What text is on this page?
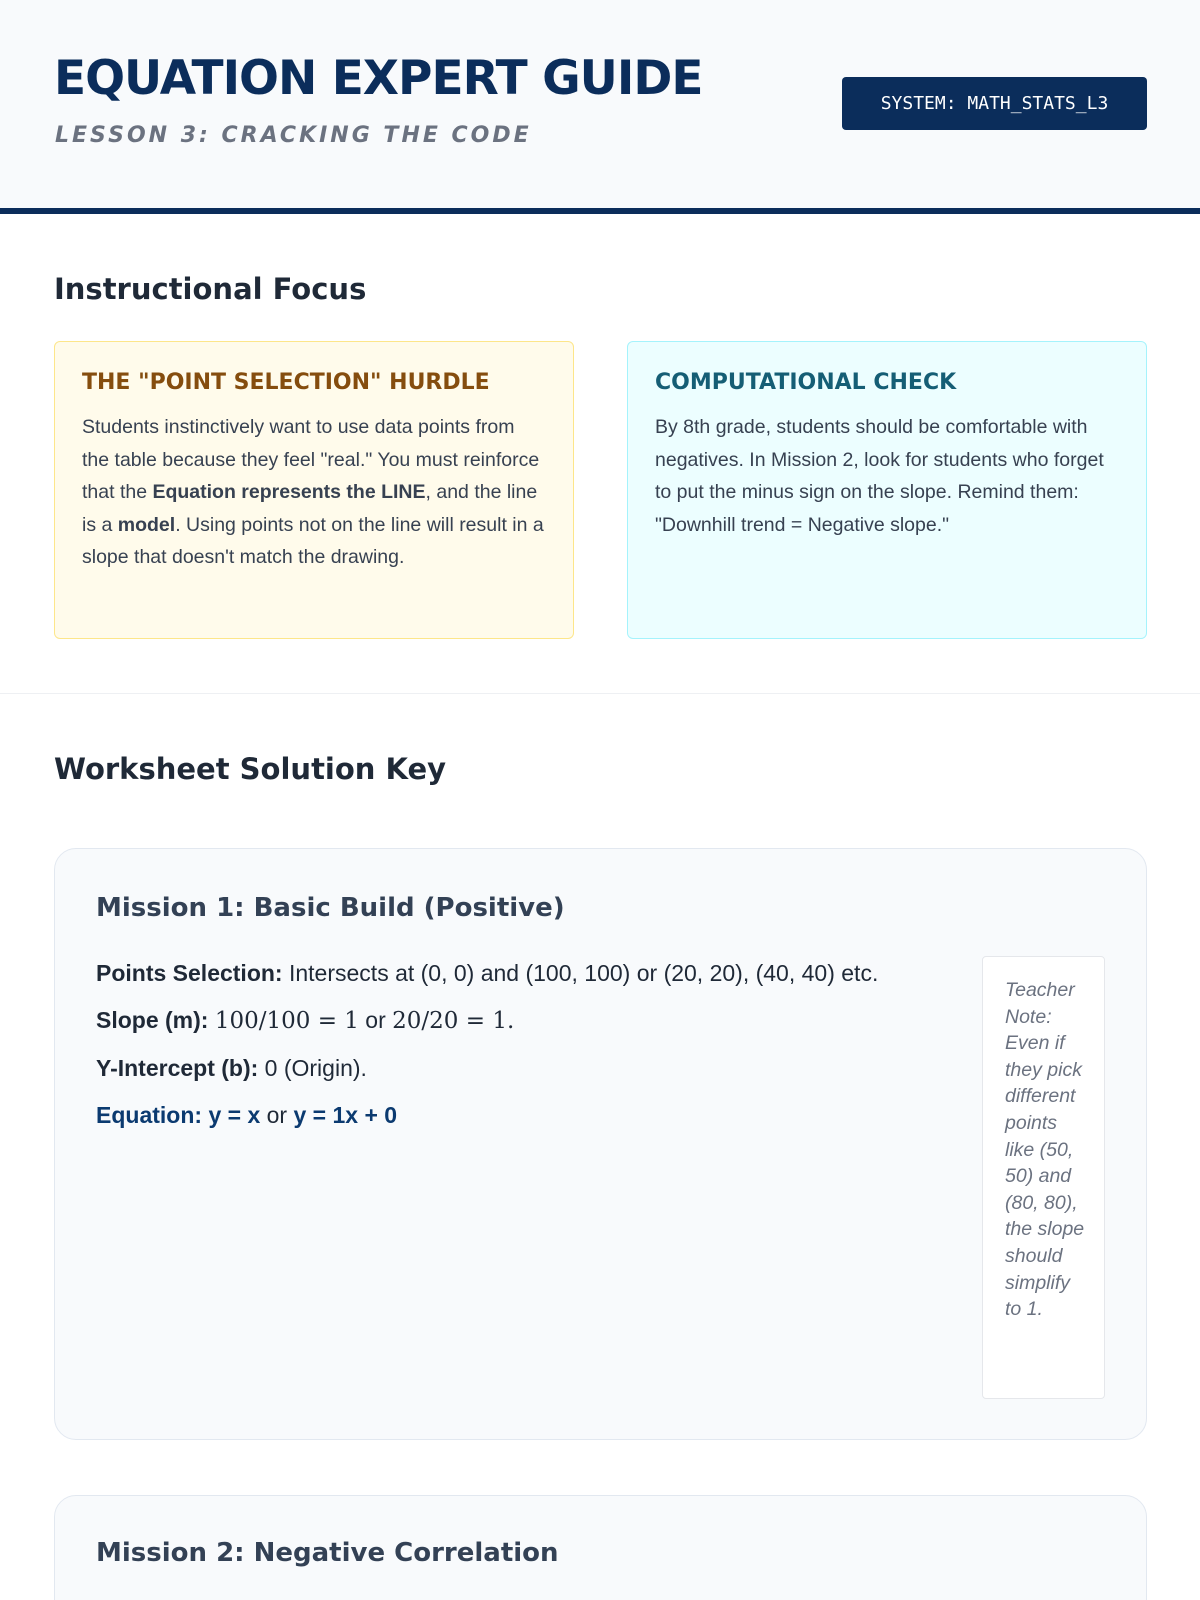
EQUATION EXPERT GUIDE
LESSON 3: CRACKING THE CODE
SYSTEM: MATH_STATS_L3
Instructional Focus
THE "POINT SELECTION" HURDLE
Students instinctively want to use data points from the table because they feel "real." You must reinforce that the Equation represents the LINE, and the line is a model. Using points not on the line will result in a slope that doesn't match the drawing.
COMPUTATIONAL CHECK
By 8th grade, students should be comfortable with negatives. In Mission 2, look for students who forget to put the minus sign on the slope. Remind them: "Downhill trend = Negative slope."
Worksheet Solution Key
Mission 1: Basic Build (Positive)
Points Selection: Intersects at (0, 0) and (100, 100) or (20, 20), (40, 40) etc.
Slope (m): 100/100 = 1 or 20/20 = 1.
Y-Intercept (b): 0 (Origin).
Equation: y = x or y = 1x + 0
Teacher Note: Even if they pick different points like (50, 50) and (80, 80), the slope should simplify to 1.
Mission 2: Negative Correlation
